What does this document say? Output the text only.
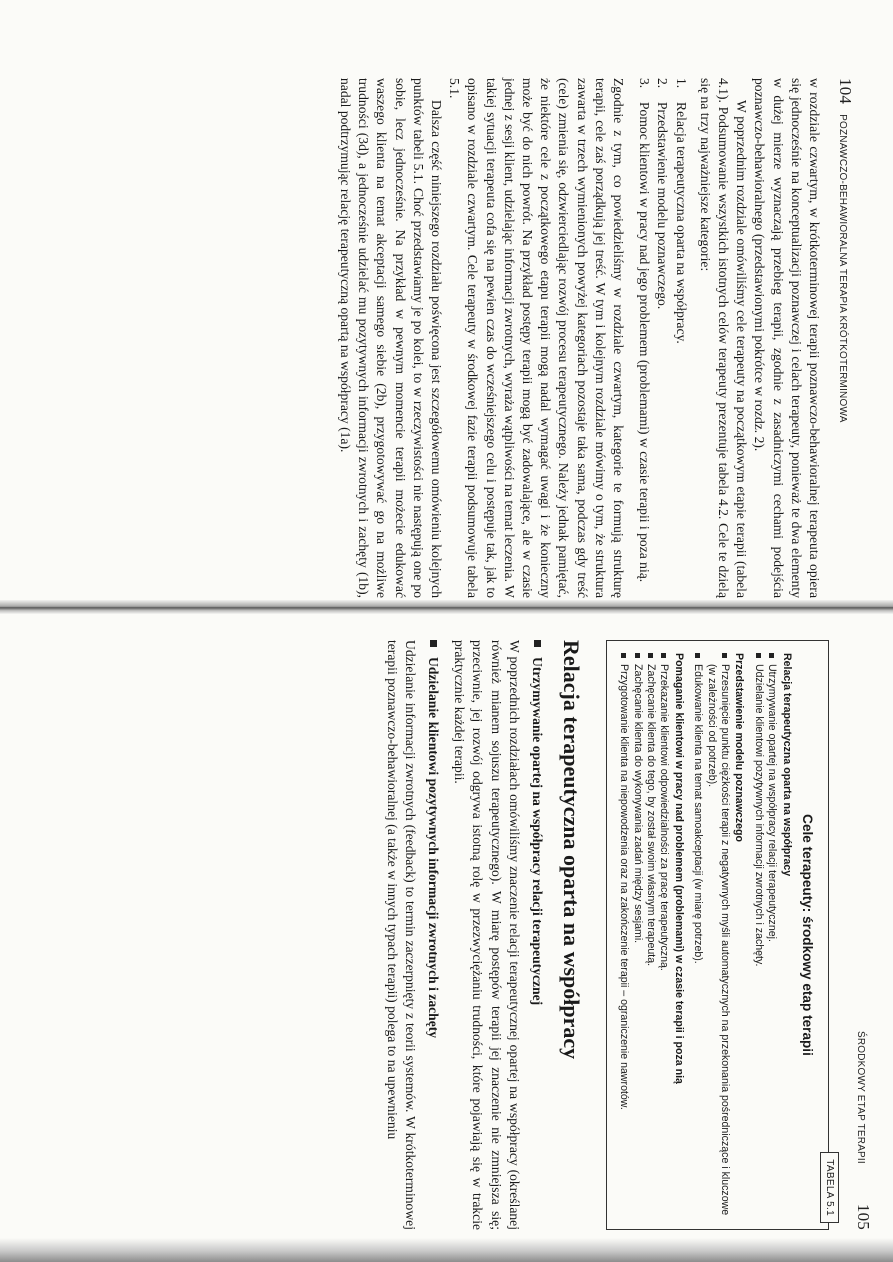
104
POZNAWCZO-BEHAWIORALNA TERAPIA KRÓTKOTERMINOWA

w rozdziale czwartym, w krótkoterminowej terapii poznawczo-behawioralnej terapeuta opiera się jednocześnie na konceptualizacji poznawczej i celach terapeuty, ponieważ te dwa elementy w dużej mierze wyznaczają przebieg terapii, zgodnie z zasadniczymi cechami podejścia poznawczo-behawioralnego (przedstawionymi pokrótce w rozdz. 2).

W poprzednim rozdziale omówiliśmy cele terapeuty na początkowym etapie terapii (tabela 4.1). Podsumowanie wszystkich istotnych celów terapeuty prezentuje tabela 4.2. Cele te dzielą się na trzy najważniejsze kategorie:

1.
Relacja terapeutyczna oparta na współpracy.
2.
Przedstawienie modelu poznawczego.
3.
Pomoc klientowi w pracy nad jego problemem (problemami) w czasie terapii i poza nią.

Zgodnie z tym, co powiedzieliśmy w rozdziale czwartym, kategorie te formują strukturę terapii, cele zaś porządkują jej treść. W tym i kolejnym rozdziale mówimy o tym, że struktura zawarta w trzech wymienionych powyżej kategoriach pozostaje taka sama, podczas gdy treść (cele) zmienia się, odzwierciedlając rozwój procesu terapeutycznego. Należy jednak pamiętać, że niektóre cele z początkowego etapu terapii mogą nadal wymagać uwagi i że konieczny może być do nich powrót. Na przykład postępy terapii mogą być zadowalające, ale w czasie jednej z sesji klient, udzielając informacji zwrotnych, wyraża wątpliwości na temat leczenia. W takiej sytuacji terapeuta cofa się na pewien czas do wcześniejszego celu i postępuje tak, jak to opisano w rozdziale czwartym. Cele terapeuty w środkowej fazie terapii podsumowuje tabela 5.1.

Dalsza część niniejszego rozdziału poświęcona jest szczegółowemu omówieniu kolejnych punktów tabeli 5.1. Choć przedstawiamy je po kolei, to w rzeczywistości nie następują one po sobie, lecz jednocześnie. Na przykład w pewnym momencie terapii możecie edukować waszego klienta na temat akceptacji samego siebie (2b), przygotowywać go na możliwe trudności (3d), a jednocześnie udzielać mu pozytywnych informacji zwrotnych i zachęty (1b), nadal podtrzymując relację terapeutyczną opartą na współpracy (1a).

ŚRODKOWY ETAP TERAPII
105
TABELA 5.1
Cele terapeuty: środkowy etap terapii
Relacja terapeutyczna oparta na współpracy
Utrzymywanie opartej na współpracy relacji terapeutycznej.
Udzielanie klientowi pozytywnych informacji zwrotnych i zachęty.
Przedstawienie modelu poznawczego
Przesunięcie punktu ciężkości terapii z negatywnych myśli automatycznych na przekonania pośredniczące i kluczowe (w zależności od potrzeb).
Edukowanie klienta na temat samoakceptacji (w miarę potrzeb).
Pomaganie klientowi w pracy nad problemem (problemami) w czasie terapii i poza nią
Przekazanie klientowi odpowiedzialności za pracę terapeutyczną.
Zachęcanie klienta do tego, by został swoim własnym terapeutą.
Zachęcanie klienta do wykonywania zadań między sesjami.
Przygotowanie klienta na niepowodzenia oraz na zakończenie terapii – ograniczenie nawrotów.
Relacja terapeutyczna oparta na współpracy
Utrzymywanie opartej na współpracy relacji terapeutycznej

W poprzednich rozdziałach omówiliśmy znaczenie relacji terapeutycznej opartej na współpracy (określanej również mianem sojuszu terapeutycznego). W miarę postępów terapii jej znaczenie nie zmniejsza się; przeciwnie, jej rozwój odgrywa istotną rolę w przezwyciężaniu trudności, które pojawiają się w trakcie praktycznie każdej terapii.

Udzielanie klientowi pozytywnych informacji zwrotnych i zachęty

Udzielanie informacji zwrotnych (feedback) to termin zaczerpnięty z teorii systemów. W krótkoterminowej terapii poznawczo-behawioralnej (a także w innych typach terapii) polega to na upewnieniu
